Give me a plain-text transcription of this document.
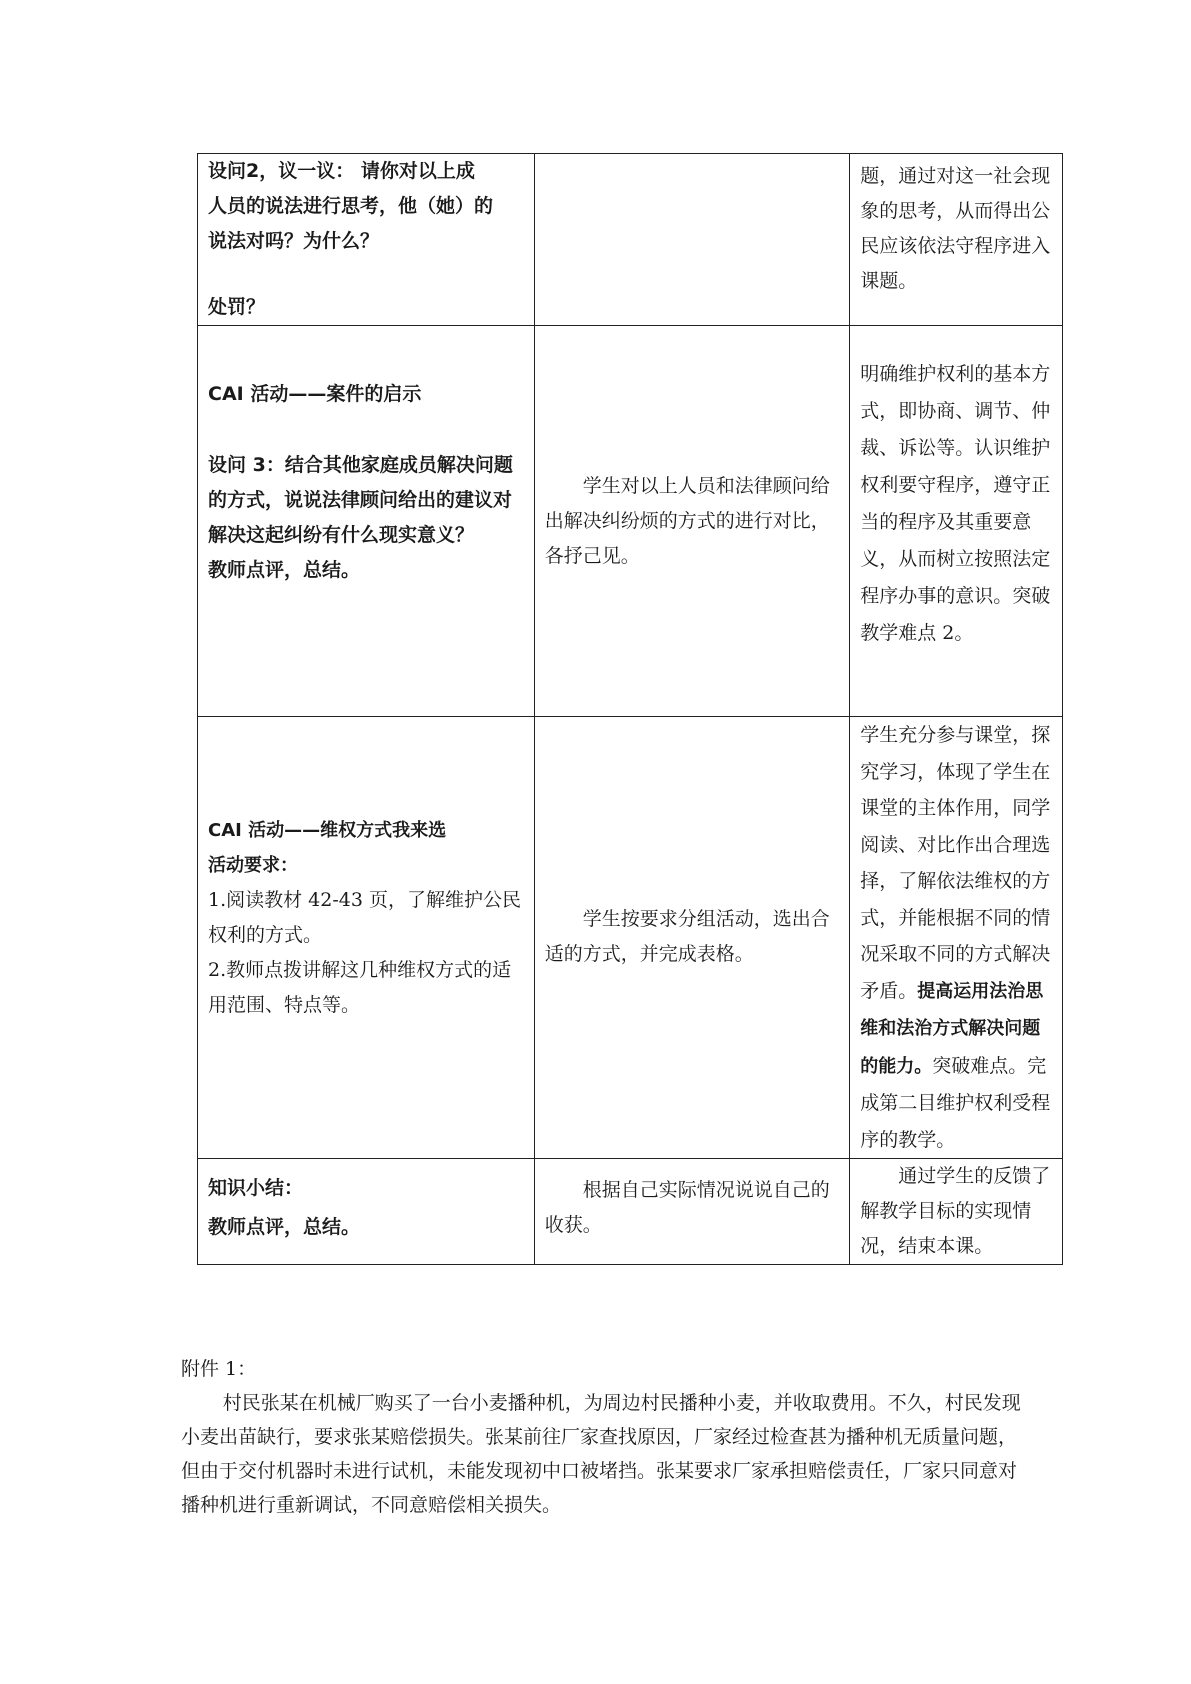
设问2，议一议： 请你对以上成
人员的说法进行思考，他（她）的
说法对吗？为什么？
处罚？		题，通过对这一社会现象的思考，从而得出公民应该依法守程序进入课题。

CAI 活动——案件的启示
设问 3：结合其他家庭成员解决问题的方式，说说法律顾问给出的建议对解决这起纠纷有什么现实意义？
教师点评，总结。	学生对以上人员和法律顾问给出解决纠纷烦的方式的进行对比，各抒己见。	明确维护权利的基本方式，即协商、调节、仲裁、诉讼等。认识维护权利要守程序，遵守正当的程序及其重要意义，从而树立按照法定程序办事的意识。突破教学难点 2。

CAI 活动——维权方式我来选
活动要求：
1.阅读教材 42-43 页，了解维护公民权利的方式。
2.教师点拨讲解这几种维权方式的适用范围、特点等。	学生按要求分组活动，选出合适的方式，并完成表格。	学生充分参与课堂，探究学习，体现了学生在课堂的主体作用，同学阅读、对比作出合理选择，了解依法维权的方式，并能根据不同的情况采取不同的方式解决矛盾。提高运用法治思维和法治方式解决问题的能力。突破难点。完成第二目维护权利受程序的教学。

知识小结：
教师点评，总结。	根据自己实际情况说说自己的收获。	通过学生的反馈了解教学目标的实现情况，结束本课。
附件 1：
村民张某在机械厂购买了一台小麦播种机，为周边村民播种小麦，并收取费用。不久，村民发现小麦出苗缺行，要求张某赔偿损失。张某前往厂家查找原因，厂家经过检查甚为播种机无质量问题，但由于交付机器时未进行试机，未能发现初中口被堵挡。张某要求厂家承担赔偿责任，厂家只同意对播种机进行重新调试，不同意赔偿相关损失。
